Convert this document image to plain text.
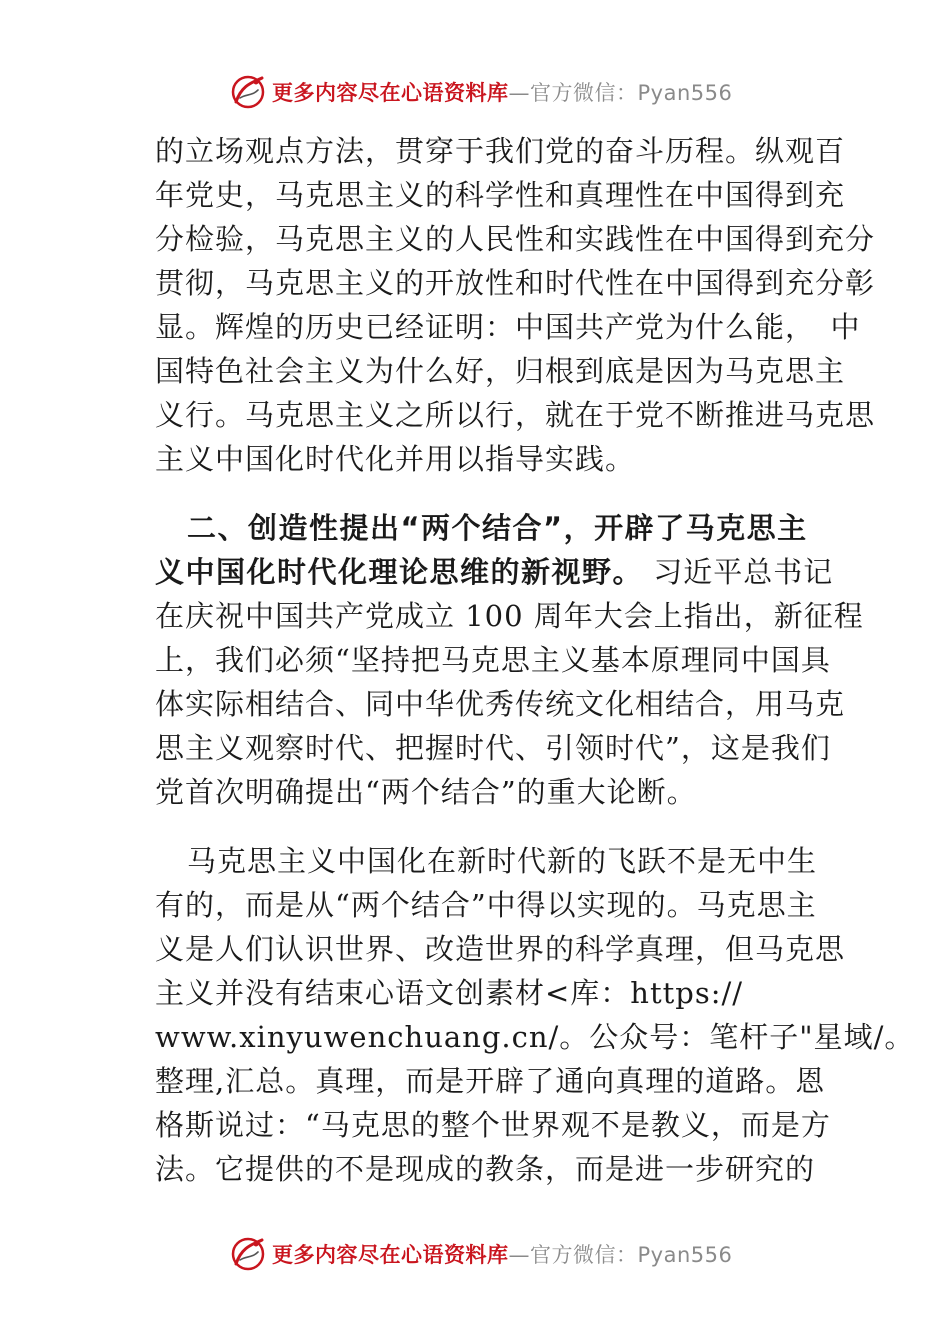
更多内容尽在心语资料库 —官方微信：Pyan556
的立场观点方法，贯穿于我们党的奋斗历程。纵观百
年党史，马克思主义的科学性和真理性在中国得到充
分检验，马克思主义的人民性和实践性在中国得到充分
贯彻，马克思主义的开放性和时代性在中国得到充分彰
显。辉煌的历史已经证明：中国共产党为什么能，　中
国特色社会主义为什么好，归根到底是因为马克思主
义行。马克思主义之所以行，就在于党不断推进马克思
主义中国化时代化并用以指导实践。
二、创造性提出“两个结合”，开辟了马克思主
义中国化时代化理论思维的新视野。 习近平总书记
在庆祝中国共产党成立 100 周年大会上指出，新征程
上，我们必须“坚持把马克思主义基本原理同中国具
体实际相结合、同中华优秀传统文化相结合，用马克
思主义观察时代、把握时代、引领时代”，这是我们
党首次明确提出“两个结合”的重大论断。
马克思主义中国化在新时代新的飞跃不是无中生
有的，而是从“两个结合”中得以实现的。马克思主
义是人们认识世界、改造世界的科学真理，但马克思
主义并没有结束心语文创素材<库：https://
www.xinyuwenchuang.cn/。公众号：笔杆子"星域/。
整理,汇总。真理，而是开辟了通向真理的道路。恩
格斯说过：“马克思的整个世界观不是教义，而是方
法。它提供的不是现成的教条，而是进一步研究的
更多内容尽在心语资料库 —官方微信：Pyan556
